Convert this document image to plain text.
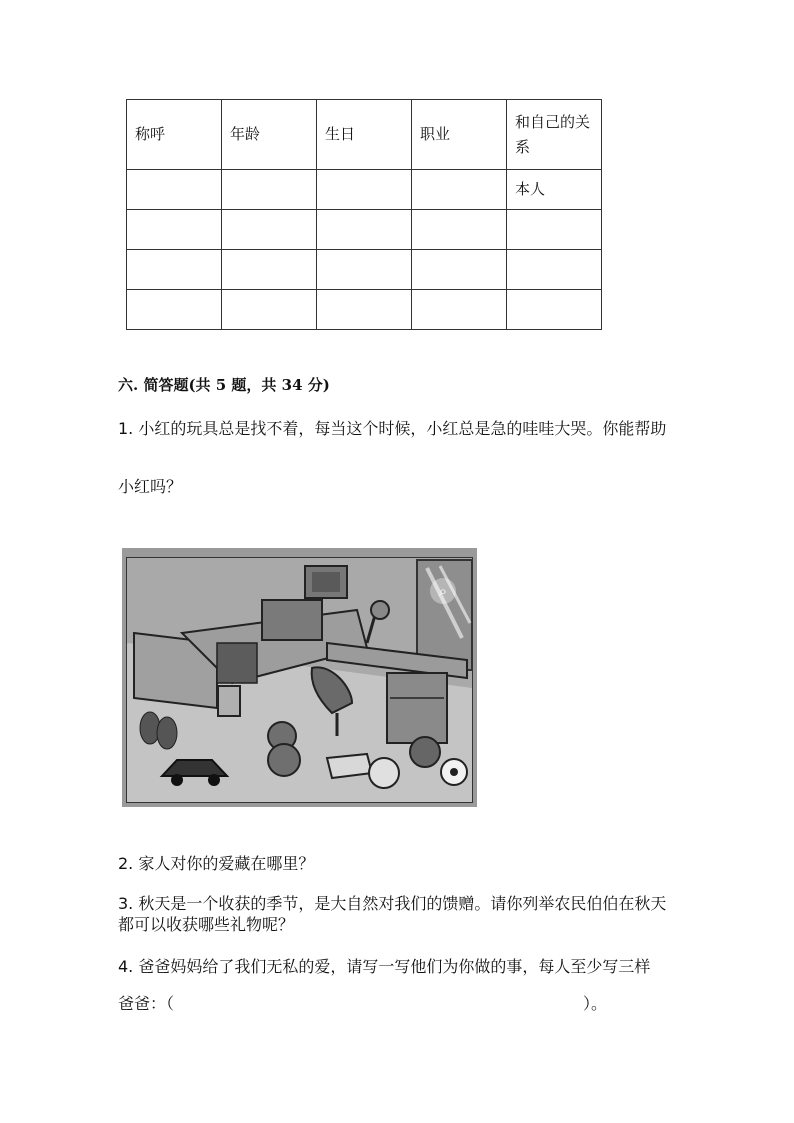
称呼	年龄	生日	职业	和自己的关系
				本人

六. 简答题(共 5 题，共 34 分)
1. 小红的玩具总是找不着，每当这个时候，小红总是急的哇哇大哭。你能帮助
小红吗？
⌕
2. 家人对你的爱藏在哪里？
3. 秋天是一个收获的季节，是大自然对我们的馈赠。请你列举农民伯伯在秋天
都可以收获哪些礼物呢？
4. 爸爸妈妈给了我们无私的爱，请写一写他们为你做的事，每人至少写三样
爸爸：（	）。
